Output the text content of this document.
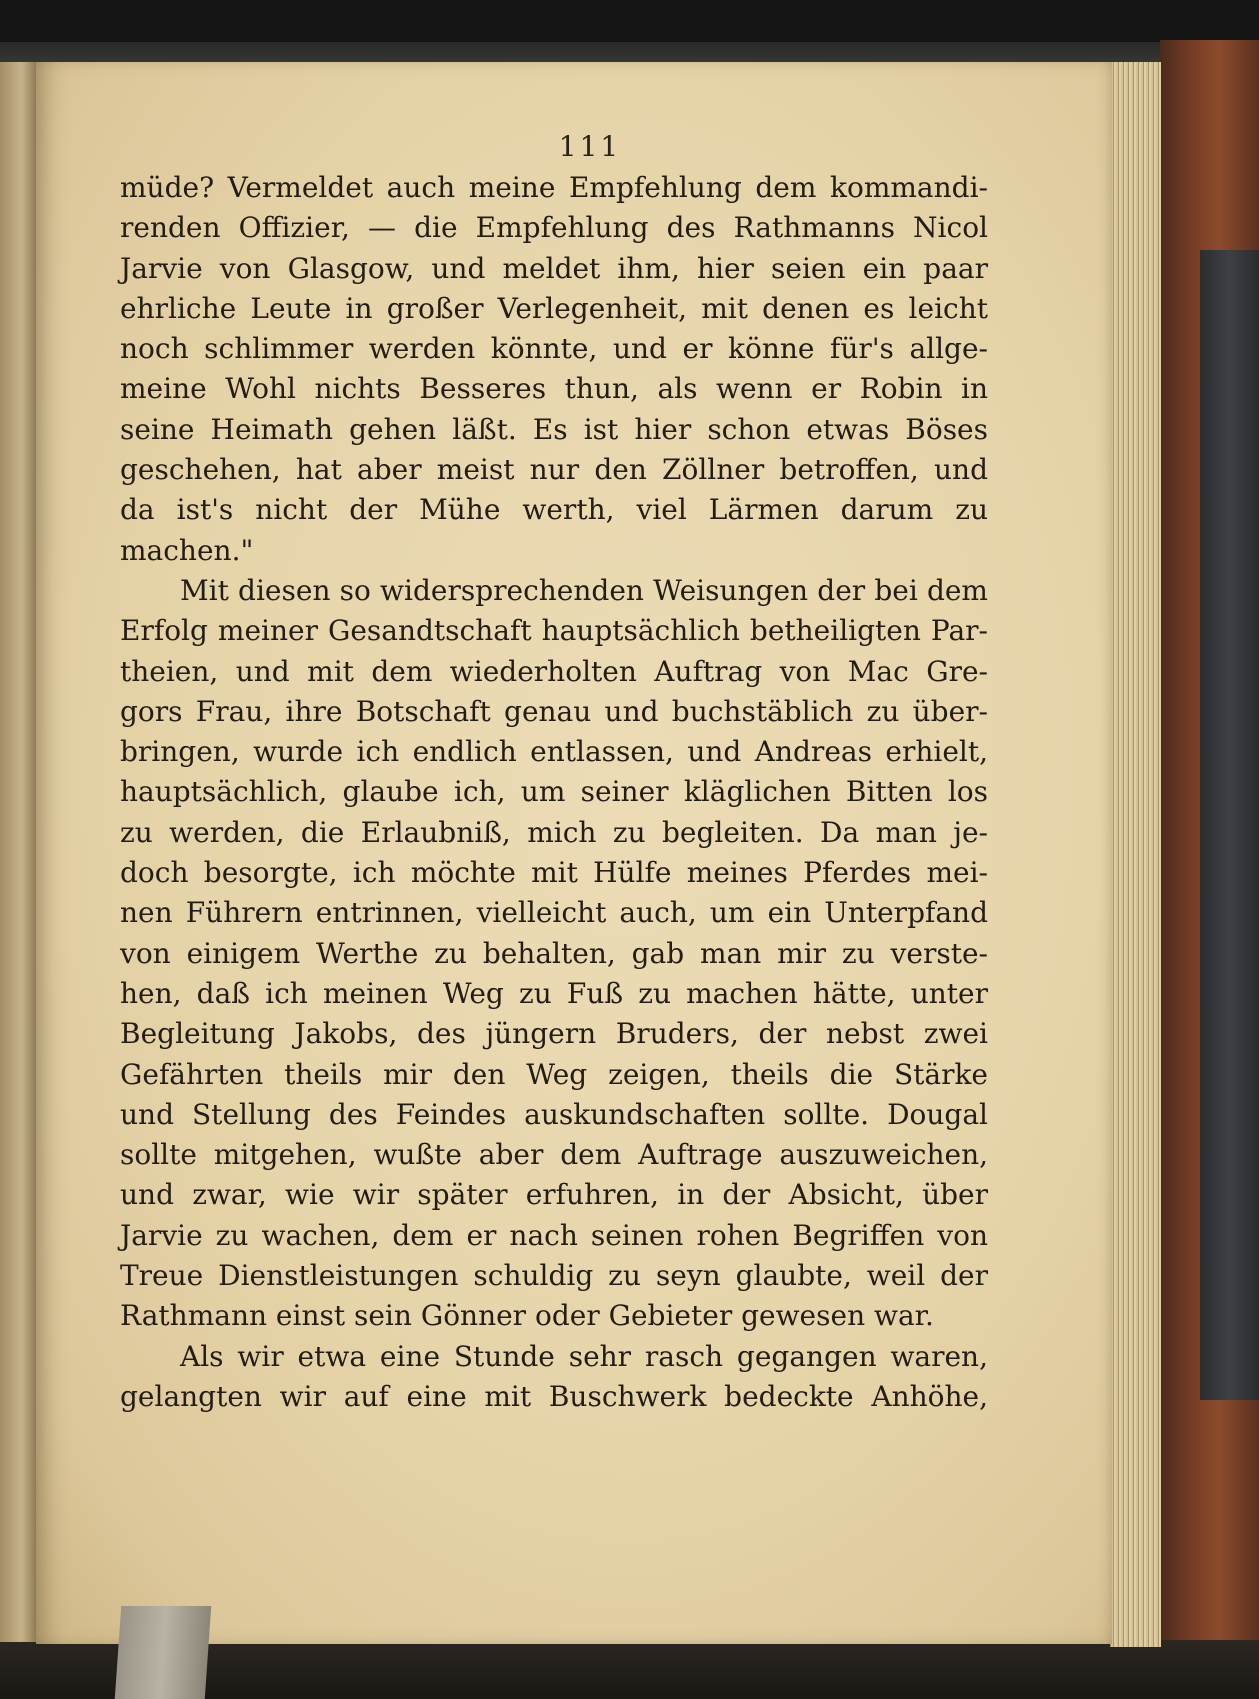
111
müde? Vermeldet auch meine Empfehlung dem kommandi-
renden Offizier, — die Empfehlung des Rathmanns Nicol
Jarvie von Glasgow, und meldet ihm, hier seien ein paar
ehrliche Leute in großer Verlegenheit, mit denen es leicht
noch schlimmer werden könnte, und er könne für's allge-
meine Wohl nichts Besseres thun, als wenn er Robin in
seine Heimath gehen läßt. Es ist hier schon etwas Böses
geschehen, hat aber meist nur den Zöllner betroffen, und
da ist's nicht der Mühe werth, viel Lärmen darum zu
machen."
Mit diesen so widersprechenden Weisungen der bei dem
Erfolg meiner Gesandtschaft hauptsächlich betheiligten Par-
theien, und mit dem wiederholten Auftrag von Mac Gre-
gors Frau, ihre Botschaft genau und buchstäblich zu über-
bringen, wurde ich endlich entlassen, und Andreas erhielt,
hauptsächlich, glaube ich, um seiner kläglichen Bitten los
zu werden, die Erlaubniß, mich zu begleiten. Da man je-
doch besorgte, ich möchte mit Hülfe meines Pferdes mei-
nen Führern entrinnen, vielleicht auch, um ein Unterpfand
von einigem Werthe zu behalten, gab man mir zu verste-
hen, daß ich meinen Weg zu Fuß zu machen hätte, unter
Begleitung Jakobs, des jüngern Bruders, der nebst zwei
Gefährten theils mir den Weg zeigen, theils die Stärke
und Stellung des Feindes auskundschaften sollte. Dougal
sollte mitgehen, wußte aber dem Auftrage auszuweichen,
und zwar, wie wir später erfuhren, in der Absicht, über
Jarvie zu wachen, dem er nach seinen rohen Begriffen von
Treue Dienstleistungen schuldig zu seyn glaubte, weil der
Rathmann einst sein Gönner oder Gebieter gewesen war.
Als wir etwa eine Stunde sehr rasch gegangen waren,
gelangten wir auf eine mit Buschwerk bedeckte Anhöhe,
